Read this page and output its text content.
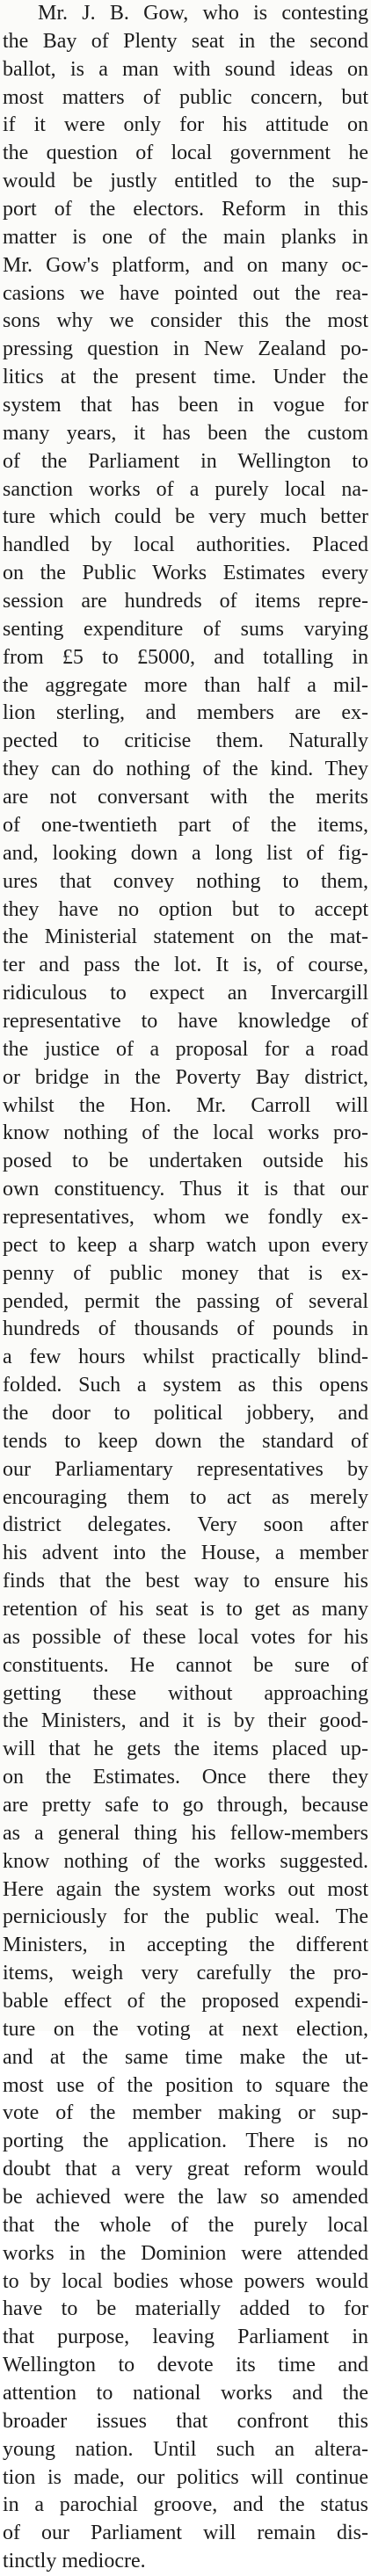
Mr. J. B. Gow, who is contesting
the Bay of Plenty seat in the second
ballot, is a man with sound ideas on
most matters of public concern, but
if it were only for his attitude on
the question of local government he
would be justly entitled to the sup-
port of the electors. Reform in this
matter is one of the main planks in
Mr. Gow's platform, and on many oc-
casions we have pointed out the rea-
sons why we consider this the most
pressing question in New Zealand po-
litics at the present time. Under the
system that has been in vogue for
many years, it has been the custom
of the Parliament in Wellington to
sanction works of a purely local na-
ture which could be very much better
handled by local authorities. Placed
on the Public Works Estimates every
session are hundreds of items repre-
senting expenditure of sums varying
from £5 to £5000, and totalling in
the aggregate more than half a mil-
lion sterling, and members are ex-
pected to criticise them. Naturally
they can do nothing of the kind. They
are not conversant with the merits
of one-twentieth part of the items,
and, looking down a long list of fig-
ures that convey nothing to them,
they have no option but to accept
the Ministerial statement on the mat-
ter and pass the lot. It is, of course,
ridiculous to expect an Invercargill
representative to have knowledge of
the justice of a proposal for a road
or bridge in the Poverty Bay district,
whilst the Hon. Mr. Carroll will
know nothing of the local works pro-
posed to be undertaken outside his
own constituency. Thus it is that our
representatives, whom we fondly ex-
pect to keep a sharp watch upon every
penny of public money that is ex-
pended, permit the passing of several
hundreds of thousands of pounds in
a few hours whilst practically blind-
folded. Such a system as this opens
the door to political jobbery, and
tends to keep down the standard of
our Parliamentary representatives by
encouraging them to act as merely
district delegates. Very soon after
his advent into the House, a member
finds that the best way to ensure his
retention of his seat is to get as many
as possible of these local votes for his
constituents. He cannot be sure of
getting these without approaching
the Ministers, and it is by their good-
will that he gets the items placed up-
on the Estimates. Once there they
are pretty safe to go through, because
as a general thing his fellow-members
know nothing of the works suggested.
Here again the system works out most
perniciously for the public weal. The
Ministers, in accepting the different
items, weigh very carefully the pro-
bable effect of the proposed expendi-
ture on the voting at next election,
and at the same time make the ut-
most use of the position to square the
vote of the member making or sup-
porting the application. There is no
doubt that a very great reform would
be achieved were the law so amended
that the whole of the purely local
works in the Dominion were attended
to by local bodies whose powers would
have to be materially added to for
that purpose, leaving Parliament in
Wellington to devote its time and
attention to national works and the
broader issues that confront this
young nation. Until such an altera-
tion is made, our politics will continue
in a parochial groove, and the status
of our Parliament will remain dis-
tinctly mediocre.
